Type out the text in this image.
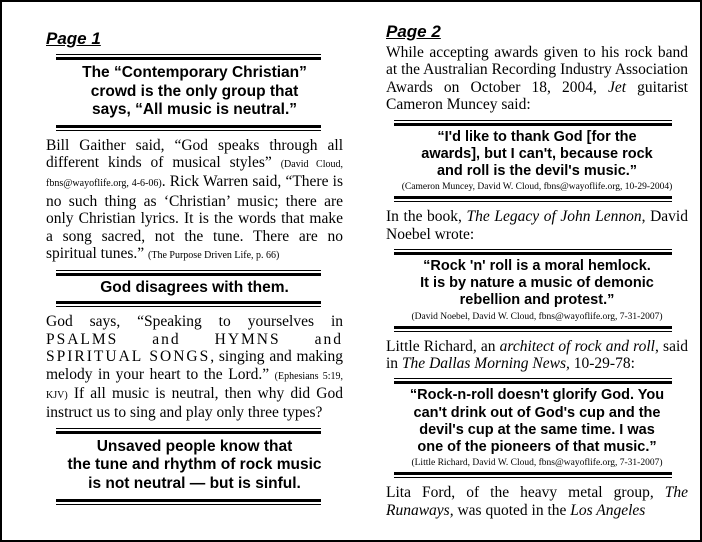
Page 1
The “Contemporary Christian”
crowd is the only group that
says, “All music is neutral.”

Bill Gaither said, “God speaks through all different kinds of musical styles” (David Cloud, fbns@wayoflife.org, 4-6-06). Rick Warren said, “There is no such thing as ‘Christian’ music; there are only Christian lyrics. It is the words that make a song sacred, not the tune. There are no spiritual tunes.” (The Purpose Driven Life, p. 66)

God disagrees with them.

God says, “Speaking to yourselves in PSALMS and HYMNS and SPIRITUAL SONGS, singing and making melody in your heart to the Lord.” (Ephesians 5:19, KJV) If all music is neutral, then why did God instruct us to sing and play only three types?

Unsaved people know that
the tune and rhythm of rock music
is not neutral — but is sinful.
Page 2

While accepting awards given to his rock band at the Australian Recording Industry Association Awards on October 18, 2004, Jet guitarist Cameron Muncey said:

“I'd like to thank God [for the
awards], but I can't, because rock
and roll is the devil's music.”
(Cameron Muncey, David W. Cloud, fbns@wayoflife.org, 10-29-2004)

In the book, The Legacy of John Lennon, David Noebel wrote:

“Rock 'n' roll is a moral hemlock.
It is by nature a music of demonic
rebellion and protest.”
(David Noebel, David W. Cloud, fbns@wayoflife.org, 7-31-2007)

Little Richard, an architect of rock and roll, said in The Dallas Morning News, 10-29-78:

“Rock-n-roll doesn't glorify God. You
can't drink out of God's cup and the
devil's cup at the same time. I was
one of the pioneers of that music.”
(Little Richard, David W. Cloud, fbns@wayoflife.org, 7-31-2007)

Lita Ford, of the heavy metal group, The Runaways, was quoted in the Los Angeles
